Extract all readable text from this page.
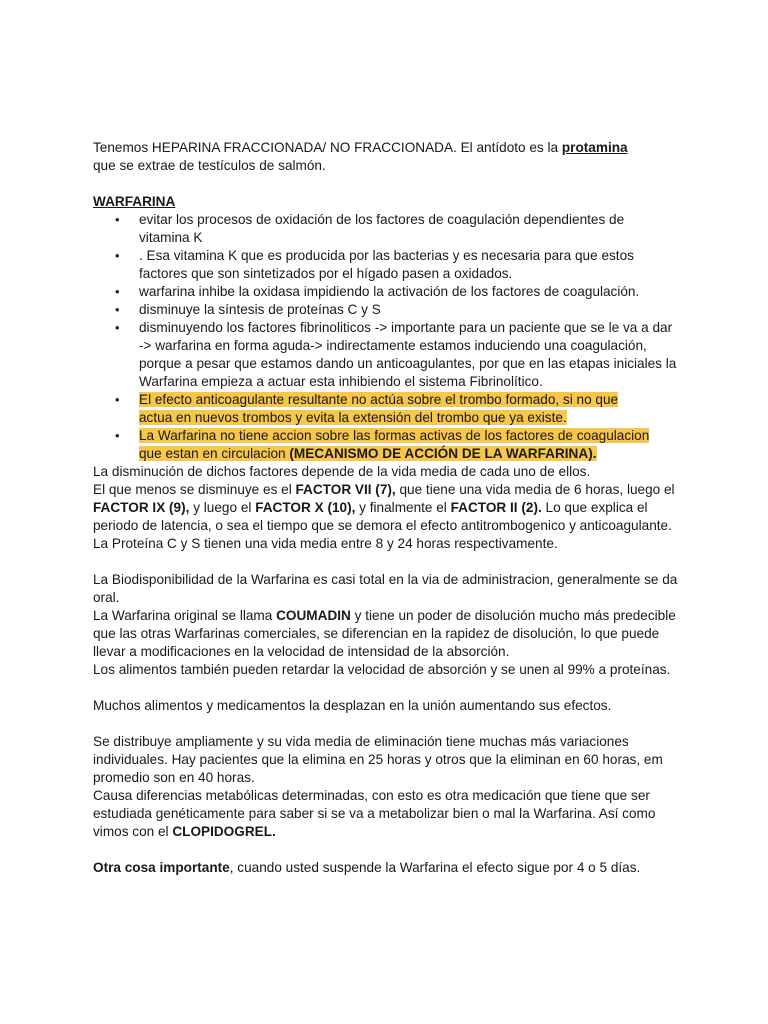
Tenemos HEPARINA FRACCIONADA/ NO FRACCIONADA. El antídoto es la protamina
que se extrae de testículos de salmón.

WARFARINA

• evitar los procesos de oxidación de los factores de coagulación dependientes de vitamina K
• . Esa vitamina K que es producida por las bacterias y es necesaria para que estos factores que son sintetizados por el hígado pasen a oxidados.
• warfarina inhibe la oxidasa impidiendo la activación de los factores de coagulación.
• disminuye la síntesis de proteínas C y S
• disminuyendo los factores fibrinoliticos -> importante para un paciente que se le va a dar -> warfarina en forma aguda-> indirectamente estamos induciendo una coagulación, porque a pesar que estamos dando un anticoagulantes, por que en las etapas iniciales la Warfarina empieza a actuar esta inhibiendo el sistema Fibrinolítico.
• El efecto anticoagulante resultante no actúa sobre el trombo formado, si no que
actua en nuevos trombos y evita la extensión del trombo que ya existe.
• La Warfarina no tiene accion sobre las formas activas de los factores de coagulacion
que estan en circulacion (MECANISMO DE ACCIÓN DE LA WARFARINA).

La disminución de dichos factores depende de la vida media de cada uno de ellos.

El que menos se disminuye es el FACTOR VII (7), que tiene una vida media de 6 horas, luego el FACTOR IX (9), y luego el FACTOR X (10), y finalmente el FACTOR II (2). Lo que explica el periodo de latencia, o sea el tiempo que se demora el efecto antitrombogenico y anticoagulante.

La Proteína C y S tienen una vida media entre 8 y 24 horas respectivamente.

La Biodisponibilidad de la Warfarina es casi total en la via de administracion, generalmente se da oral.

La Warfarina original se llama COUMADIN y tiene un poder de disolución mucho más predecible que las otras Warfarinas comerciales, se diferencian en la rapidez de disolución, lo que puede llevar a modificaciones en la velocidad de intensidad de la absorción.

Los alimentos también pueden retardar la velocidad de absorción y se unen al 99% a proteínas.

Muchos alimentos y medicamentos la desplazan en la unión aumentando sus efectos.

Se distribuye ampliamente y su vida media de eliminación tiene muchas más variaciones individuales. Hay pacientes que la elimina en 25 horas y otros que la eliminan en 60 horas, em promedio son en 40 horas.

Causa diferencias metabólicas determinadas, con esto es otra medicación que tiene que ser estudiada genéticamente para saber si se va a metabolizar bien o mal la Warfarina. Así como vimos con el CLOPIDOGREL.

Otra cosa importante, cuando usted suspende la Warfarina el efecto sigue por 4 o 5 días.
